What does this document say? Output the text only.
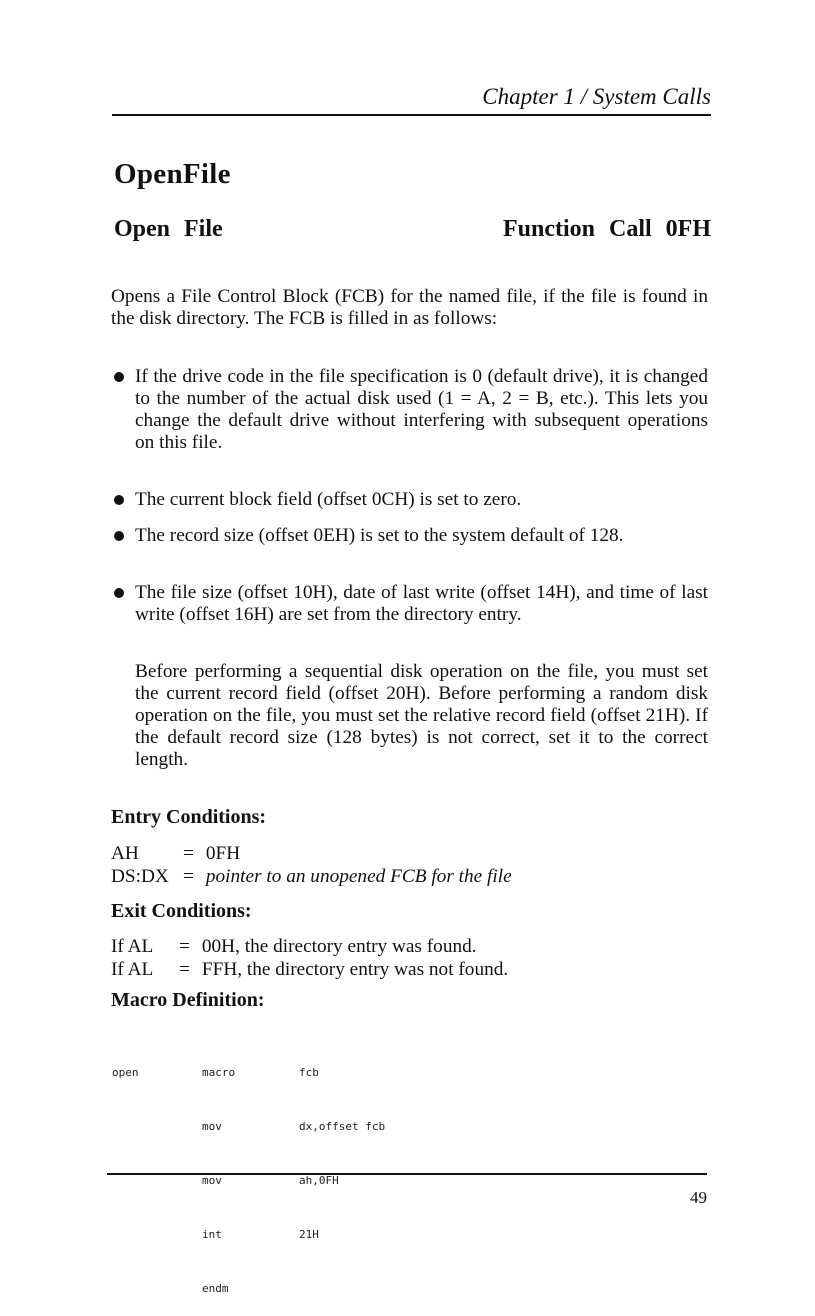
Chapter 1 / System Calls
OpenFile
Open File	Function Call 0FH
Opens a File Control Block (FCB) for the named file, if the file is found in the disk directory. The FCB is filled in as follows:
If the drive code in the file specification is 0 (default drive), it is changed to the number of the actual disk used (1 = A, 2 = B, etc.). This lets you change the default drive without interfering with subsequent operations on this file.
The current block field (offset 0CH) is set to zero.
The record size (offset 0EH) is set to the system default of 128.
The file size (offset 10H), date of last write (offset 14H), and time of last write (offset 16H) are set from the directory entry.
Before performing a sequential disk operation on the file, you must set the current record field (offset 20H). Before performing a random disk operation on the file, you must set the relative record field (offset 21H). If the default record size (128 bytes) is not correct, set it to the correct length.
Entry Conditions:
AH	= 0FH
DS:DX = pointer to an unopened FCB for the file
Exit Conditions:
If AL	= 00H, the directory entry was found.
If AL	= FFH, the directory entry was not found.
Macro Definition:

open	macro	fcb

mov	dx,offset fcb

mov	ah,0FH

int	21H

endm

49
